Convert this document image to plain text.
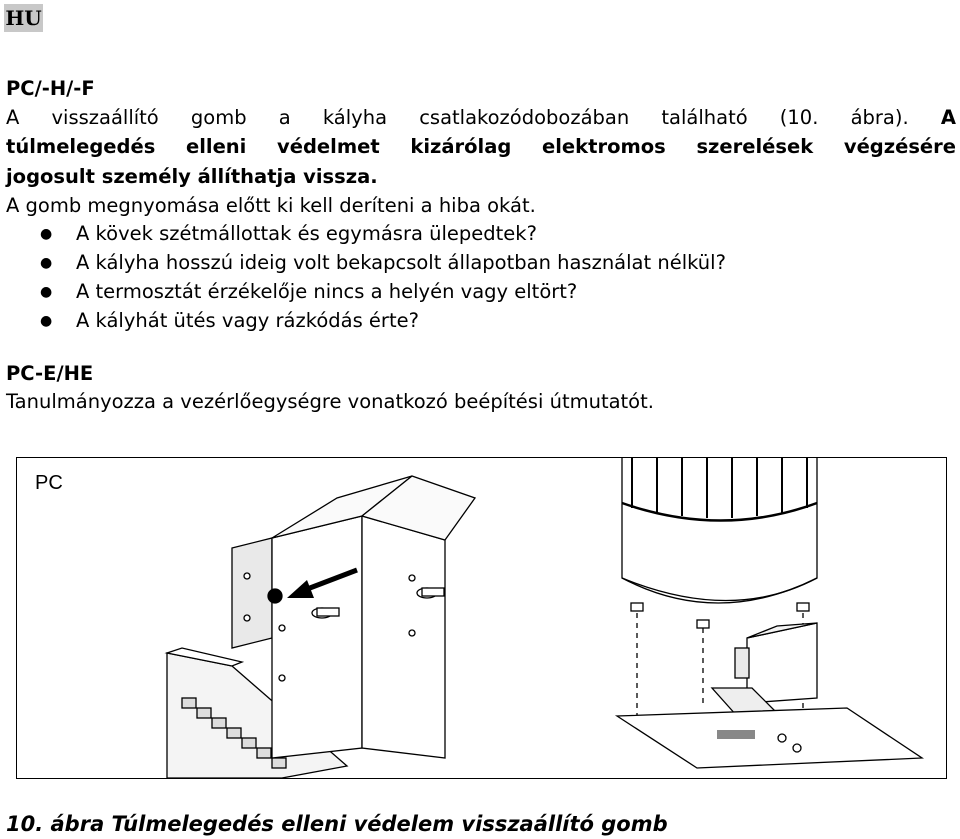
HU
PC/-H/-F
A visszaállító gomb a kályha csatlakozódobozában található (10. ábra). A
túlmelegedés elleni védelmet kizárólag elektromos szerelések végzésére
jogosult személy állíthatja vissza.
A gomb megnyomása előtt ki kell deríteni a hiba okát.
● A kövek szétmállottak és egymásra ülepedtek?
● A kályha hosszú ideig volt bekapcsolt állapotban használat nélkül?
● A termosztát érzékelője nincs a helyén vagy eltört?
● A kályhát ütés vagy rázkódás érte?
PC-E/HE
Tanulmányozza a vezérlőegységre vonatkozó beépítési útmutatót.
PC
10. ábra Túlmelegedés elleni védelem visszaállító gomb
